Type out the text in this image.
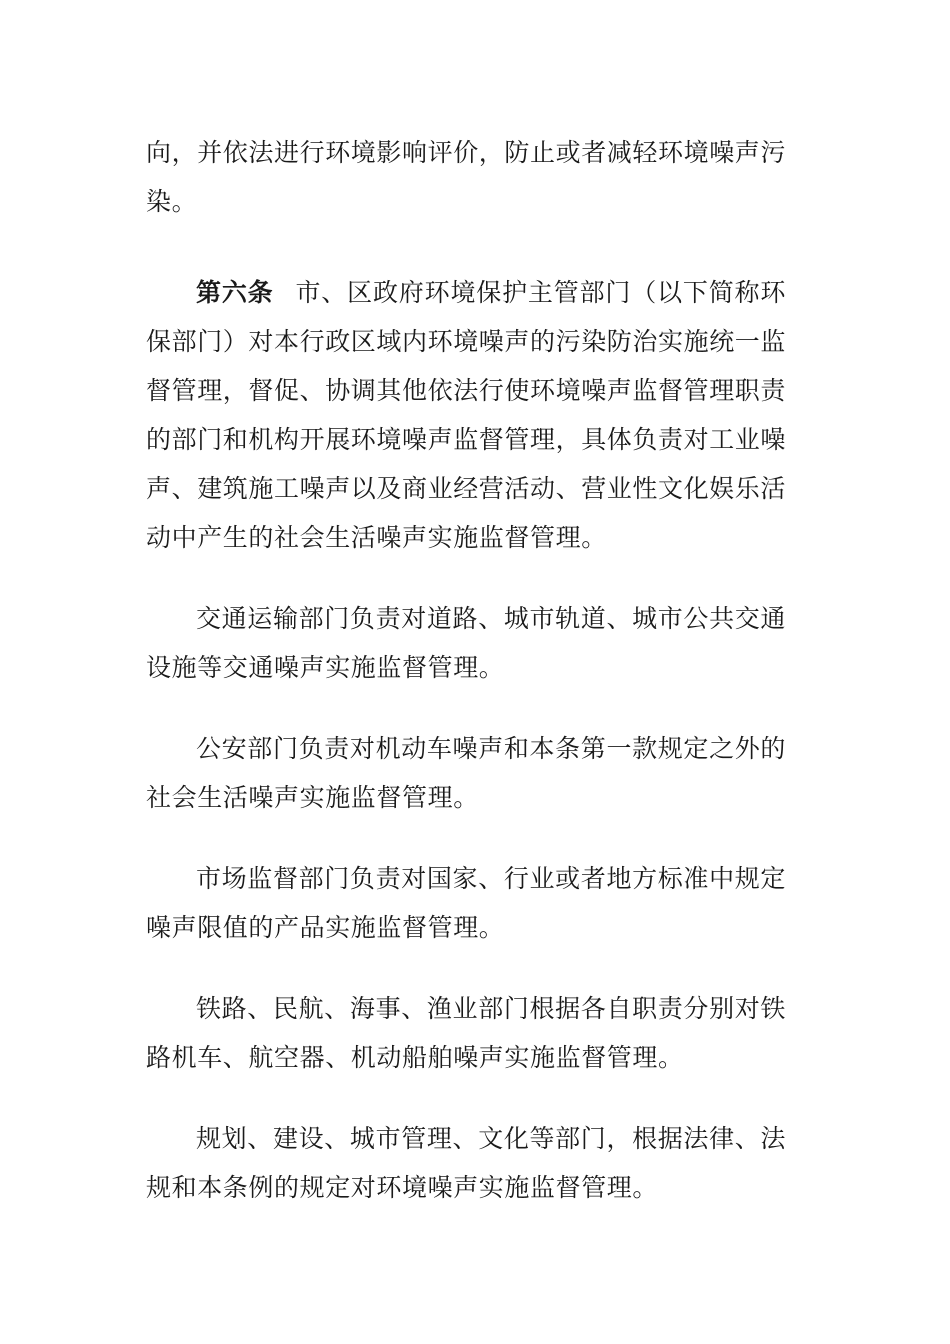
向，并依法进行环境影响评价，防止或者减轻环境噪声污染。

第六条 市、区政府环境保护主管部门（以下简称环保部门）对本行政区域内环境噪声的污染防治实施统一监督管理，督促、协调其他依法行使环境噪声监督管理职责的部门和机构开展环境噪声监督管理，具体负责对工业噪声、建筑施工噪声以及商业经营活动、营业性文化娱乐活动中产生的社会生活噪声实施监督管理。

交通运输部门负责对道路、城市轨道、城市公共交通设施等交通噪声实施监督管理。

公安部门负责对机动车噪声和本条第一款规定之外的社会生活噪声实施监督管理。

市场监督部门负责对国家、行业或者地方标准中规定噪声限值的产品实施监督管理。

铁路、民航、海事、渔业部门根据各自职责分别对铁路机车、航空器、机动船舶噪声实施监督管理。

规划、建设、城市管理、文化等部门，根据法律、法规和本条例的规定对环境噪声实施监督管理。
